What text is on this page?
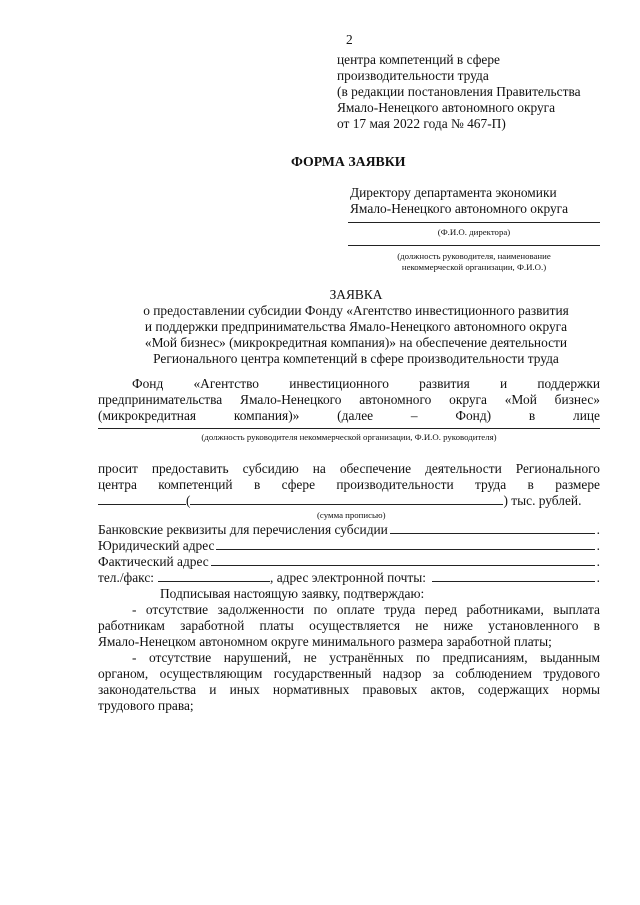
2
центра компетенций в сфере
производительности труда
(в редакции постановления Правительства
Ямало-Ненецкого автономного округа
от 17 мая 2022 года № 467-П)
ФОРМА ЗАЯВКИ
Директору департамента экономики
Ямало-Ненецкого автономного округа
(Ф.И.О. директора)
(должность руководителя, наименование
некоммерческой организации, Ф.И.О.)
ЗАЯВКА
о предоставлении субсидии Фонду «Агентство инвестиционного развития
и поддержки предпринимательства Ямало-Ненецкого автономного округа
«Мой бизнес» (микрокредитная компания)» на обеспечение деятельности
Регионального центра компетенций в сфере производительности труда
Фонд «Агентство инвестиционного развития и поддержки
предпринимательства Ямало-Ненецкого автономного округа «Мой бизнес»
(микрокредитная компания)» (далее – Фонд) в лице
(должность руководителя некоммерческой организации, Ф.И.О. руководителя)
просит предоставить субсидию на обеспечение деятельности Регионального
центра компетенций в сфере производительности труда в размере
(	) тыс. рублей.
(сумма прописью)
Банковские реквизиты для перечисления субсидии	.
Юридический адрес	.
Фактический адрес	.
тел./факс:	, адрес электронной почты:	.
Подписывая настоящую заявку, подтверждаю:
- отсутствие задолженности по оплате труда перед работниками, выплата
работникам заработной платы осуществляется не ниже установленного в
Ямало-Ненецком автономном округе минимального размера заработной платы;
- отсутствие нарушений, не устранённых по предписаниям, выданным
органом, осуществляющим государственный надзор за соблюдением трудового
законодательства и иных нормативных правовых актов, содержащих нормы
трудового права;
